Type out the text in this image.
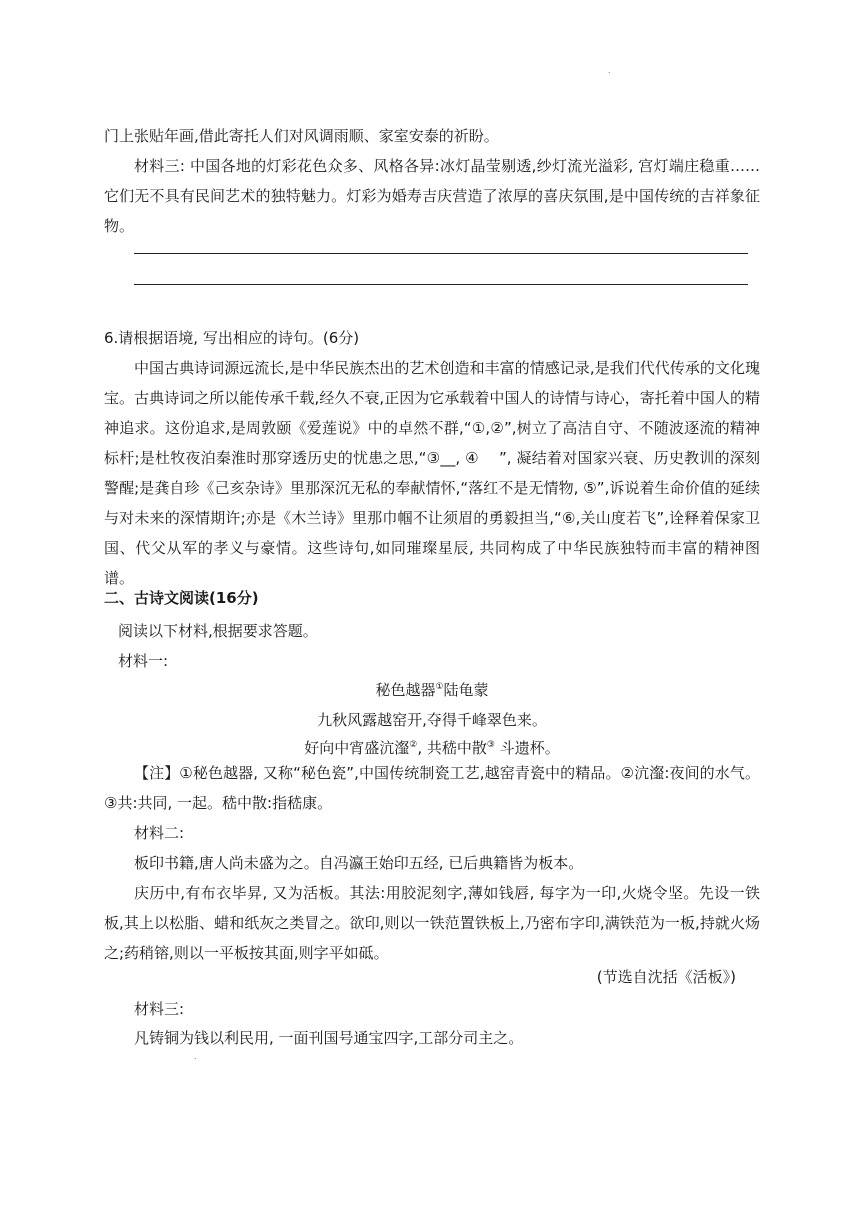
.

门上张贴年画,借此寄托人们对风调雨顺、家室安泰的祈盼。

材料三: 中国各地的灯彩花色众多、风格各异:冰灯晶莹剔透,纱灯流光溢彩, 宫灯端庄稳重……它们无不具有民间艺术的独特魅力。灯彩为婚寿吉庆营造了浓厚的喜庆氛围,是中国传统的吉祥象征物。

6.请根据语境, 写出相应的诗句。(6分)

中国古典诗词源远流长,是中华民族杰出的艺术创造和丰富的情感记录,是我们代代传承的文化瑰宝。古典诗词之所以能传承千载,经久不衰,正因为它承载着中国人的诗情与诗心，寄托着中国人的精神追求。这份追求,是周敦颐《爱莲说》中的卓然不群,“①,②”,树立了高洁自守、不随波逐流的精神标杆;是杜牧夜泊秦淮时那穿透历史的忧患之思,“③__, ④　 ”, 凝结着对国家兴衰、历史教训的深刻警醒;是龚自珍《己亥杂诗》里那深沉无私的奉献情怀,“落红不是无情物, ⑤”,诉说着生命价值的延续与对未来的深情期许;亦是《木兰诗》里那巾帼不让须眉的勇毅担当,“⑥,关山度若飞”,诠释着保家卫国、代父从军的孝义与豪情。这些诗句,如同璀璨星辰, 共同构成了中华民族独特而丰富的精神图谱。

二、古诗文阅读(16分)

阅读以下材料,根据要求答题。

材料一:

秘色越器①陆龟蒙
九秋风露越窑开,夺得千峰翠色来。
好向中宵盛沆瀣②, 共嵇中散③ 斗遗杯。

【注】①秘色越器, 又称“秘色瓷”,中国传统制瓷工艺,越窑青瓷中的精品。②沆瀣:夜间的水气。③共:共同, 一起。嵇中散:指嵇康。

材料二:

板印书籍,唐人尚未盛为之。自冯瀛王始印五经, 已后典籍皆为板本。

庆历中,有布衣毕昇, 又为活板。其法:用胶泥刻字,薄如钱唇, 每字为一印,火烧令坚。先设一铁板,其上以松脂、蜡和纸灰之类冒之。欲印,则以一铁范置铁板上,乃密布字印,满铁范为一板,持就火炀之;药稍镕,则以一平板按其面,则字平如砥。

(节选自沈括《活板》)

材料三:

凡铸铜为钱以利民用, 一面刊国号通宝四字,工部分司主之。

.
